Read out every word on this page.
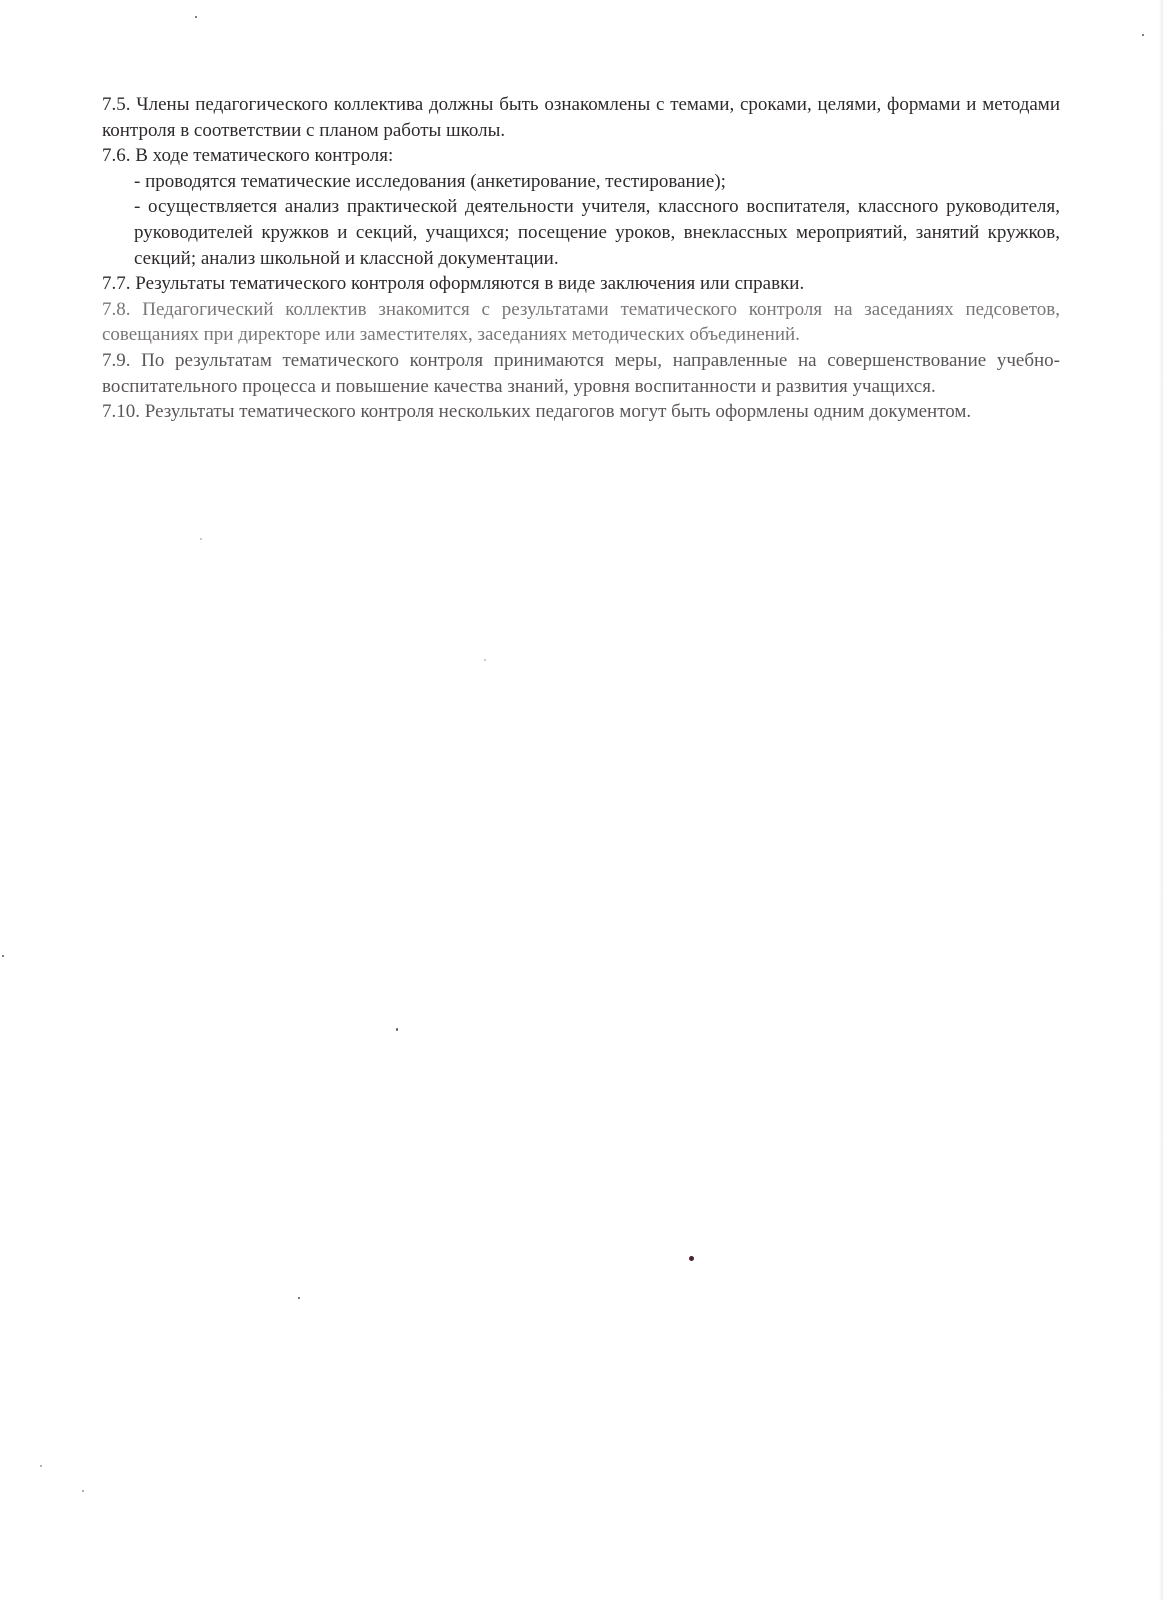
7.5. Члены педагогического коллектива должны быть ознакомлены с темами, сроками, целями, формами и методами контроля в соответствии с планом работы школы.

7.6. В ходе тематического контроля:

- проводятся тематические исследования (анкетирование, тестирование);

- осуществляется анализ практической деятельности учителя, классного воспитателя, классного руководителя, руководителей кружков и секций, учащихся; посещение уроков, внеклассных мероприятий, занятий кружков, секций; анализ школьной и классной документации.

7.7. Результаты тематического контроля оформляются в виде заключения или справки.

7.8. Педагогический коллектив знакомится с результатами тематического контроля на заседаниях педсоветов, совещаниях при директоре или заместителях, заседаниях методических объединений.

7.9. По результатам тематического контроля принимаются меры, направленные на совершенствование учебно-воспитательного процесса и повышение качества знаний, уровня воспитанности и развития учащихся.

7.10. Результаты тематического контроля нескольких педагогов могут быть оформлены одним документом.
